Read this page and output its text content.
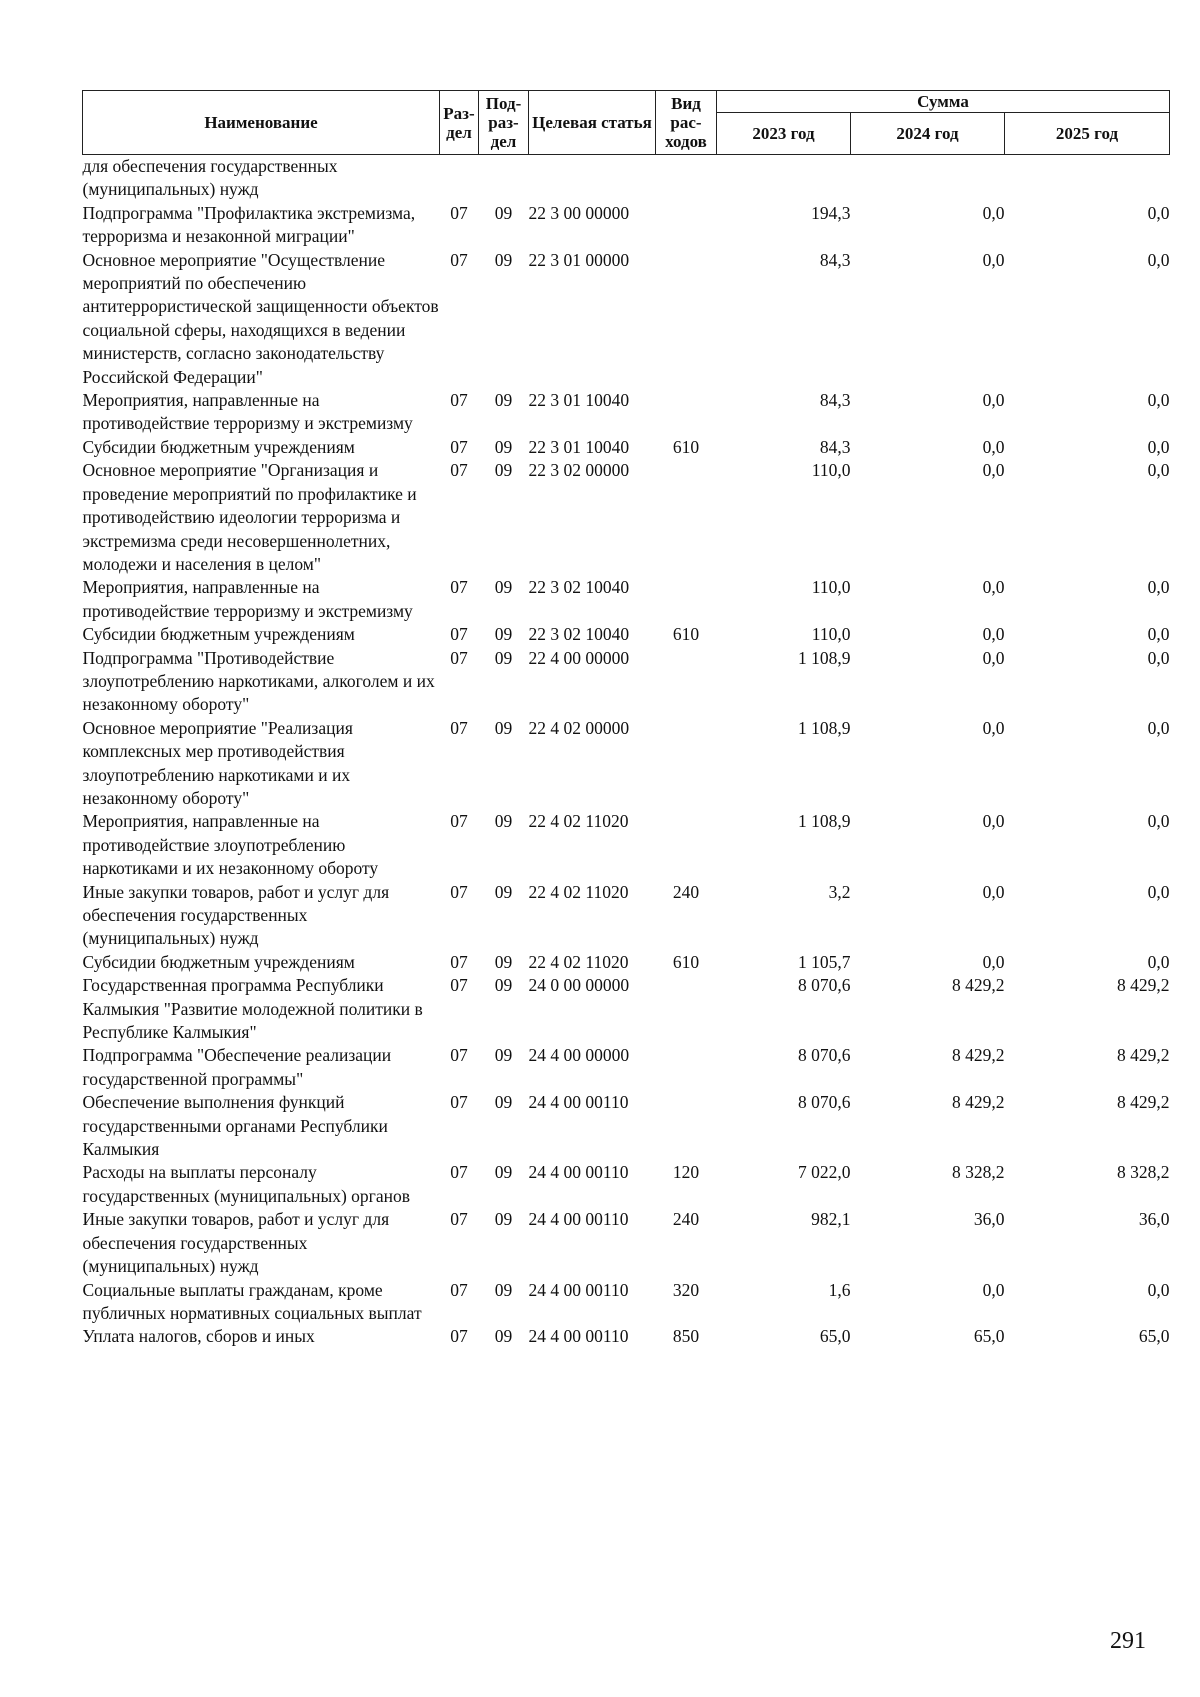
Наименование	Раз-дел	Под-раз-дел	Целевая статья	Вид рас-ходов	Сумма		
					2023 год	2024 год	2025 год
для обеспечения государственных (муниципальных) нужд							
Подпрограмма "Профилактика экстремизма, терроризма и незаконной миграции"	07	09	22 3 00 00000		194,3	0,0	0,0
Основное мероприятие "Осуществление мероприятий по обеспечению антитеррористической защищенности объектов социальной сферы, находящихся в ведении министерств, согласно законодательству Российской Федерации"	07	09	22 3 01 00000		84,3	0,0	0,0
Мероприятия, направленные на противодействие терроризму и экстремизму	07	09	22 3 01 10040		84,3	0,0	0,0
Субсидии бюджетным учреждениям	07	09	22 3 01 10040	610	84,3	0,0	0,0
Основное мероприятие "Организация и проведение мероприятий по профилактике и противодействию идеологии терроризма и экстремизма среди несовершеннолетних, молодежи и населения в целом"	07	09	22 3 02 00000		110,0	0,0	0,0
Мероприятия, направленные на противодействие терроризму и экстремизму	07	09	22 3 02 10040		110,0	0,0	0,0
Субсидии бюджетным учреждениям	07	09	22 3 02 10040	610	110,0	0,0	0,0
Подпрограмма "Противодействие злоупотреблению наркотиками, алкоголем и их незаконному обороту"	07	09	22 4 00 00000		1 108,9	0,0	0,0
Основное мероприятие "Реализация комплексных мер противодействия злоупотреблению наркотиками и их незаконному обороту"	07	09	22 4 02 00000		1 108,9	0,0	0,0
Мероприятия, направленные на противодействие злоупотреблению наркотиками и их незаконному обороту	07	09	22 4 02 11020		1 108,9	0,0	0,0
Иные закупки товаров, работ и услуг для обеспечения государственных (муниципальных) нужд	07	09	22 4 02 11020	240	3,2	0,0	0,0
Субсидии бюджетным учреждениям	07	09	22 4 02 11020	610	1 105,7	0,0	0,0
Государственная программа Республики Калмыкия "Развитие молодежной политики в Республике Калмыкия"	07	09	24 0 00 00000		8 070,6	8 429,2	8 429,2
Подпрограмма "Обеспечение реализации государственной программы"	07	09	24 4 00 00000		8 070,6	8 429,2	8 429,2
Обеспечение выполнения функций государственными органами Республики Калмыкия	07	09	24 4 00 00110		8 070,6	8 429,2	8 429,2
Расходы на выплаты персоналу государственных (муниципальных) органов	07	09	24 4 00 00110	120	7 022,0	8 328,2	8 328,2
Иные закупки товаров, работ и услуг для обеспечения государственных (муниципальных) нужд	07	09	24 4 00 00110	240	982,1	36,0	36,0
Социальные выплаты гражданам, кроме публичных нормативных социальных выплат	07	09	24 4 00 00110	320	1,6	0,0	0,0
Уплата налогов, сборов и иных	07	09	24 4 00 00110	850	65,0	65,0	65,0
291
